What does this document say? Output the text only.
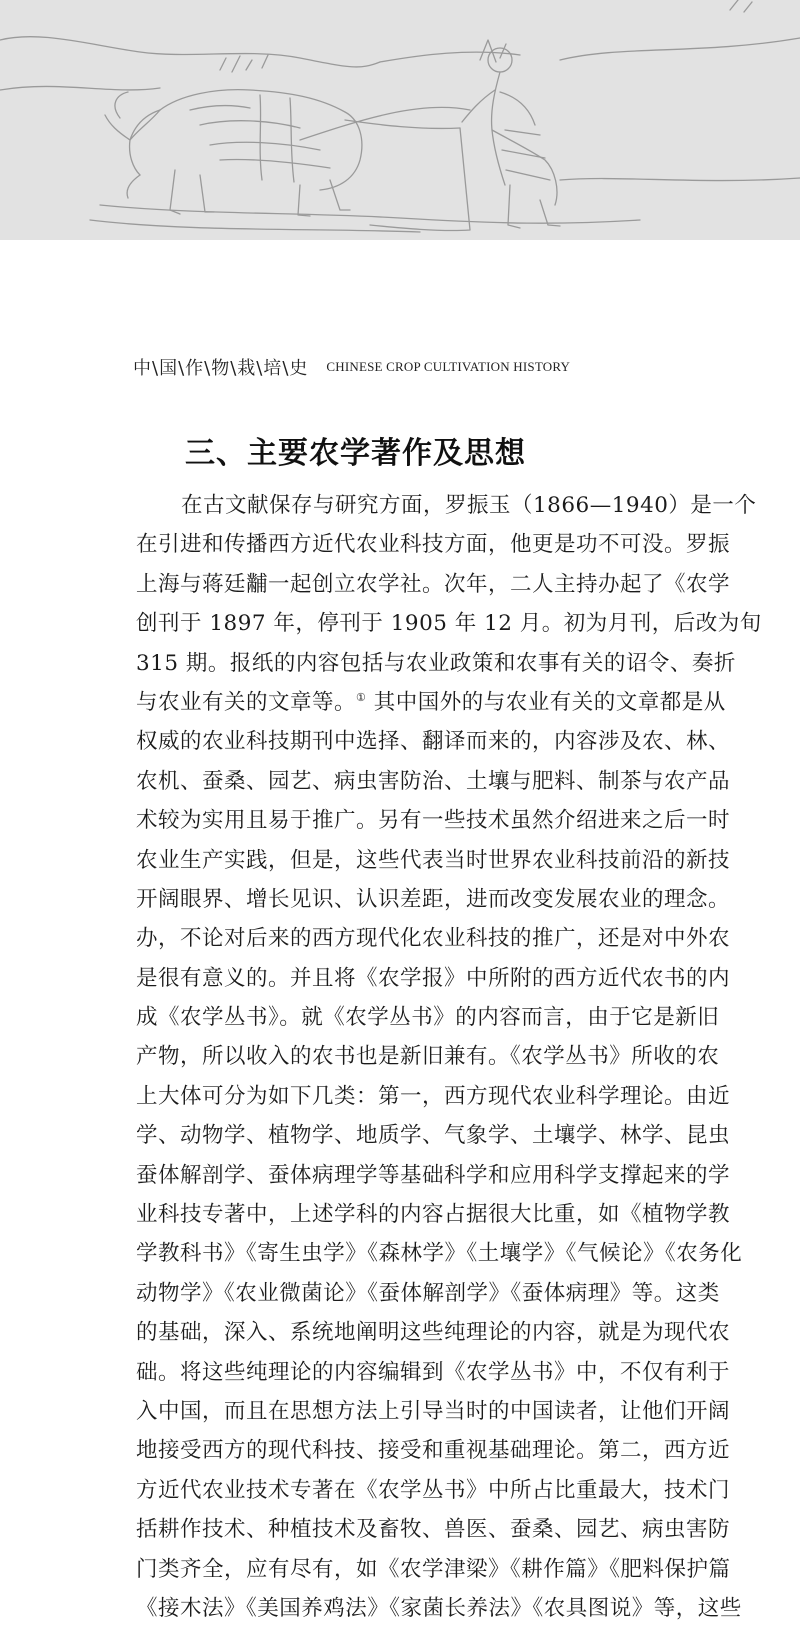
中\国\作\物\栽\培\史 CHINESE CROP CULTIVATION HISTORY
三、主要农学著作及思想
在古文献保存与研究方面，罗振玉（1866—1940）是一个
在引进和传播西方近代农业科技方面，他更是功不可没。罗振
上海与蒋廷黼一起创立农学社。次年，二人主持办起了《农学
创刊于 1897 年，停刊于 1905 年 12 月。初为月刊，后改为旬
315 期。报纸的内容包括与农业政策和农事有关的诏令、奏折
与农业有关的文章等。① 其中国外的与农业有关的文章都是从
权威的农业科技期刊中选择、翻译而来的，内容涉及农、林、
农机、蚕桑、园艺、病虫害防治、土壤与肥料、制茶与农产品
术较为实用且易于推广。另有一些技术虽然介绍进来之后一时
农业生产实践，但是，这些代表当时世界农业科技前沿的新技
开阔眼界、增长见识、认识差距，进而改变发展农业的理念。
办，不论对后来的西方现代化农业科技的推广，还是对中外农
是很有意义的。并且将《农学报》中所附的西方近代农书的内
成《农学丛书》。就《农学丛书》的内容而言，由于它是新旧
产物，所以收入的农书也是新旧兼有。《农学丛书》所收的农
上大体可分为如下几类：第一，西方现代农业科学理论。由近
学、动物学、植物学、地质学、气象学、土壤学、林学、昆虫
蚕体解剖学、蚕体病理学等基础科学和应用科学支撑起来的学
业科技专著中，上述学科的内容占据很大比重，如《植物学教
学教科书》《寄生虫学》《森林学》《土壤学》《气候论》《农务化
动物学》《农业微菌论》《蚕体解剖学》《蚕体病理》等。这类
的基础，深入、系统地阐明这些纯理论的内容，就是为现代农
础。将这些纯理论的内容编辑到《农学丛书》中，不仅有利于
入中国，而且在思想方法上引导当时的中国读者，让他们开阔
地接受西方的现代科技、接受和重视基础理论。第二，西方近
方近代农业技术专著在《农学丛书》中所占比重最大，技术门
括耕作技术、种植技术及畜牧、兽医、蚕桑、园艺、病虫害防
门类齐全，应有尽有，如《农学津梁》《耕作篇》《肥料保护篇
《接木法》《美国养鸡法》《家菌长养法》《农具图说》等，这些
